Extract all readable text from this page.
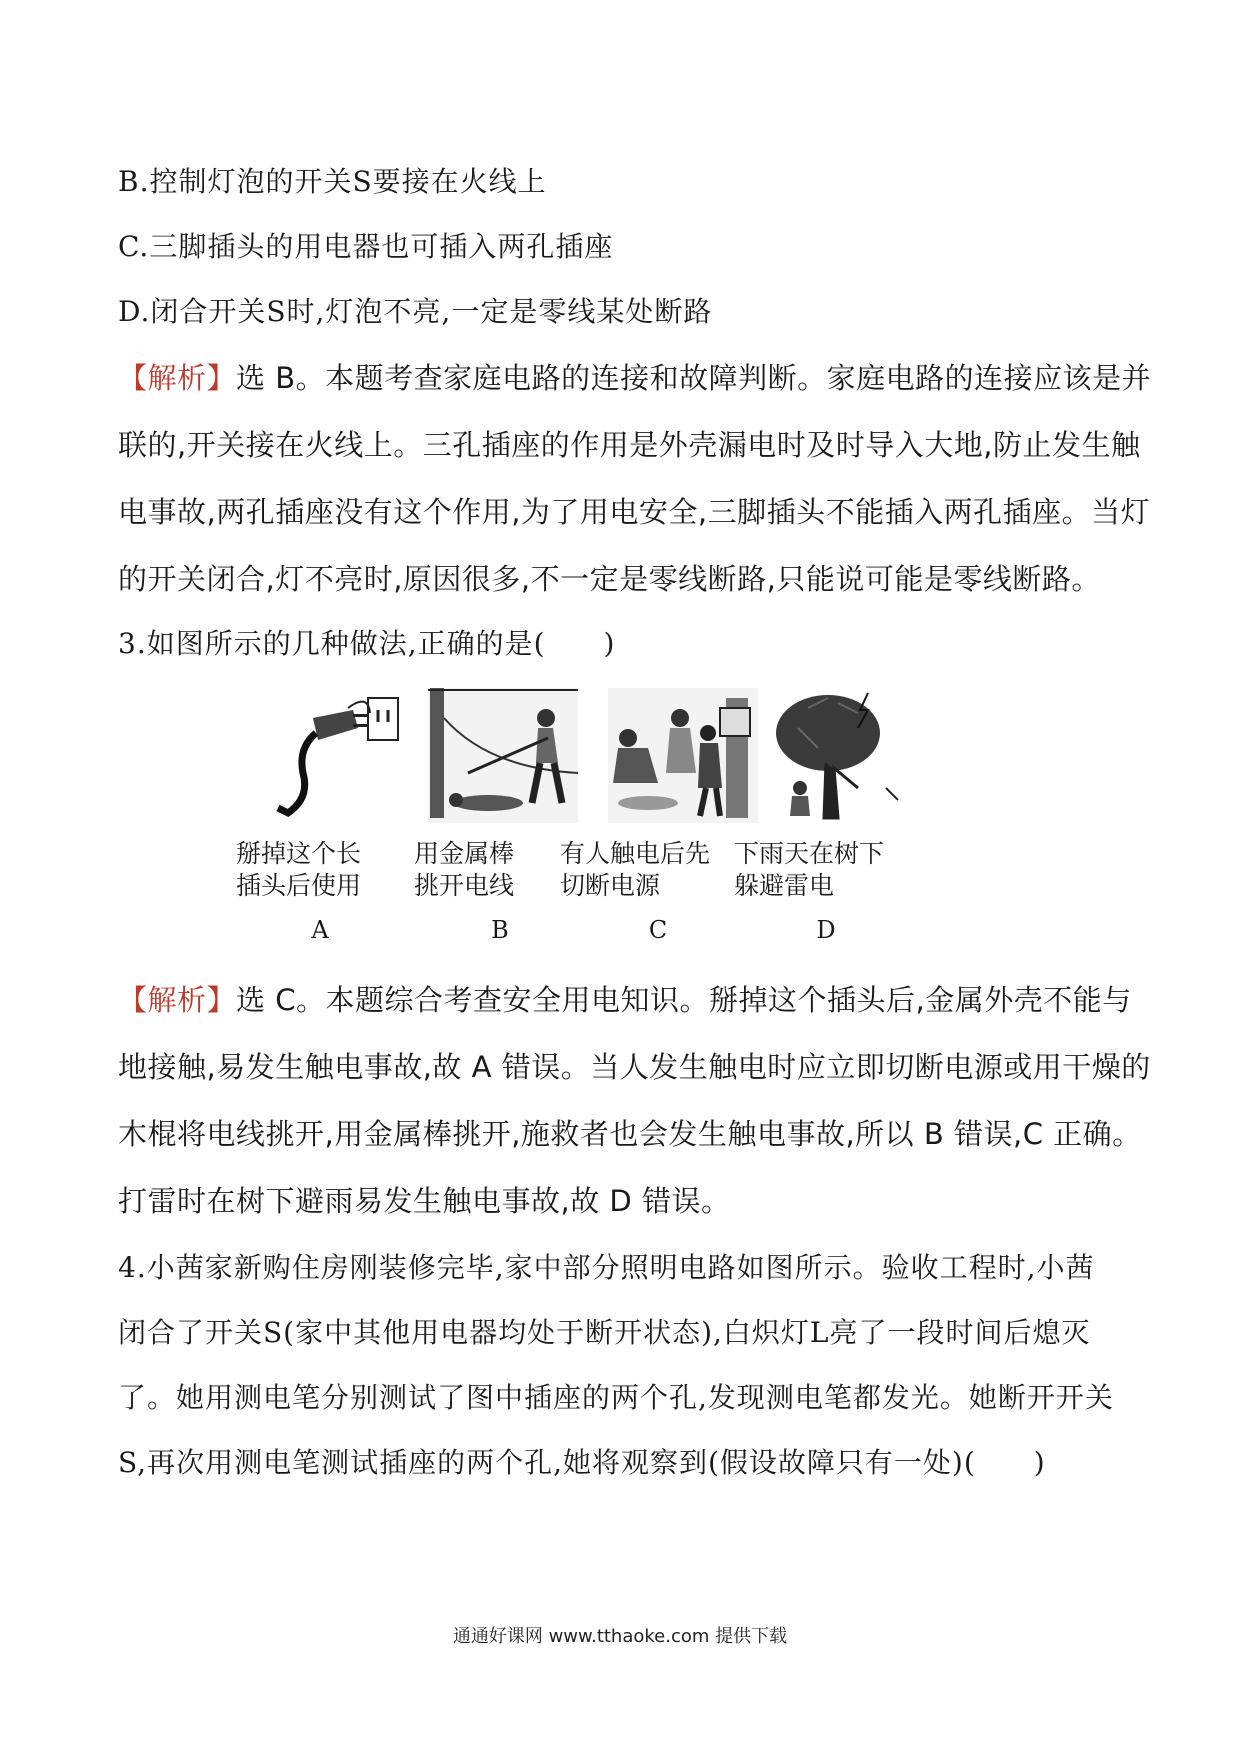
B.控制灯泡的开关S要接在火线上
C.三脚插头的用电器也可插入两孔插座
D.闭合开关S时,灯泡不亮,一定是零线某处断路
【解析】选 B。本题考查家庭电路的连接和故障判断。家庭电路的连接应该是并
联的,开关接在火线上。三孔插座的作用是外壳漏电时及时导入大地,防止发生触
电事故,两孔插座没有这个作用,为了用电安全,三脚插头不能插入两孔插座。当灯
的开关闭合,灯不亮时,原因很多,不一定是零线断路,只能说可能是零线断路。
3.如图所示的几种做法,正确的是(　　)
掰掉这个长
插头后使用
用金属棒
挑开电线
有人触电后先
切断电源
下雨天在树下
躲避雷电
A	B	C	D
【解析】选 C。本题综合考查安全用电知识。掰掉这个插头后,金属外壳不能与
地接触,易发生触电事故,故 A 错误。当人发生触电时应立即切断电源或用干燥的
木棍将电线挑开,用金属棒挑开,施救者也会发生触电事故,所以 B 错误,C 正确。
打雷时在树下避雨易发生触电事故,故 D 错误。
4.小茜家新购住房刚装修完毕,家中部分照明电路如图所示。验收工程时,小茜
闭合了开关S(家中其他用电器均处于断开状态),白炽灯L亮了一段时间后熄灭
了。她用测电笔分别测试了图中插座的两个孔,发现测电笔都发光。她断开开关
S,再次用测电笔测试插座的两个孔,她将观察到(假设故障只有一处)(　　)
通通好课网 www.tthaoke.com 提供下载
